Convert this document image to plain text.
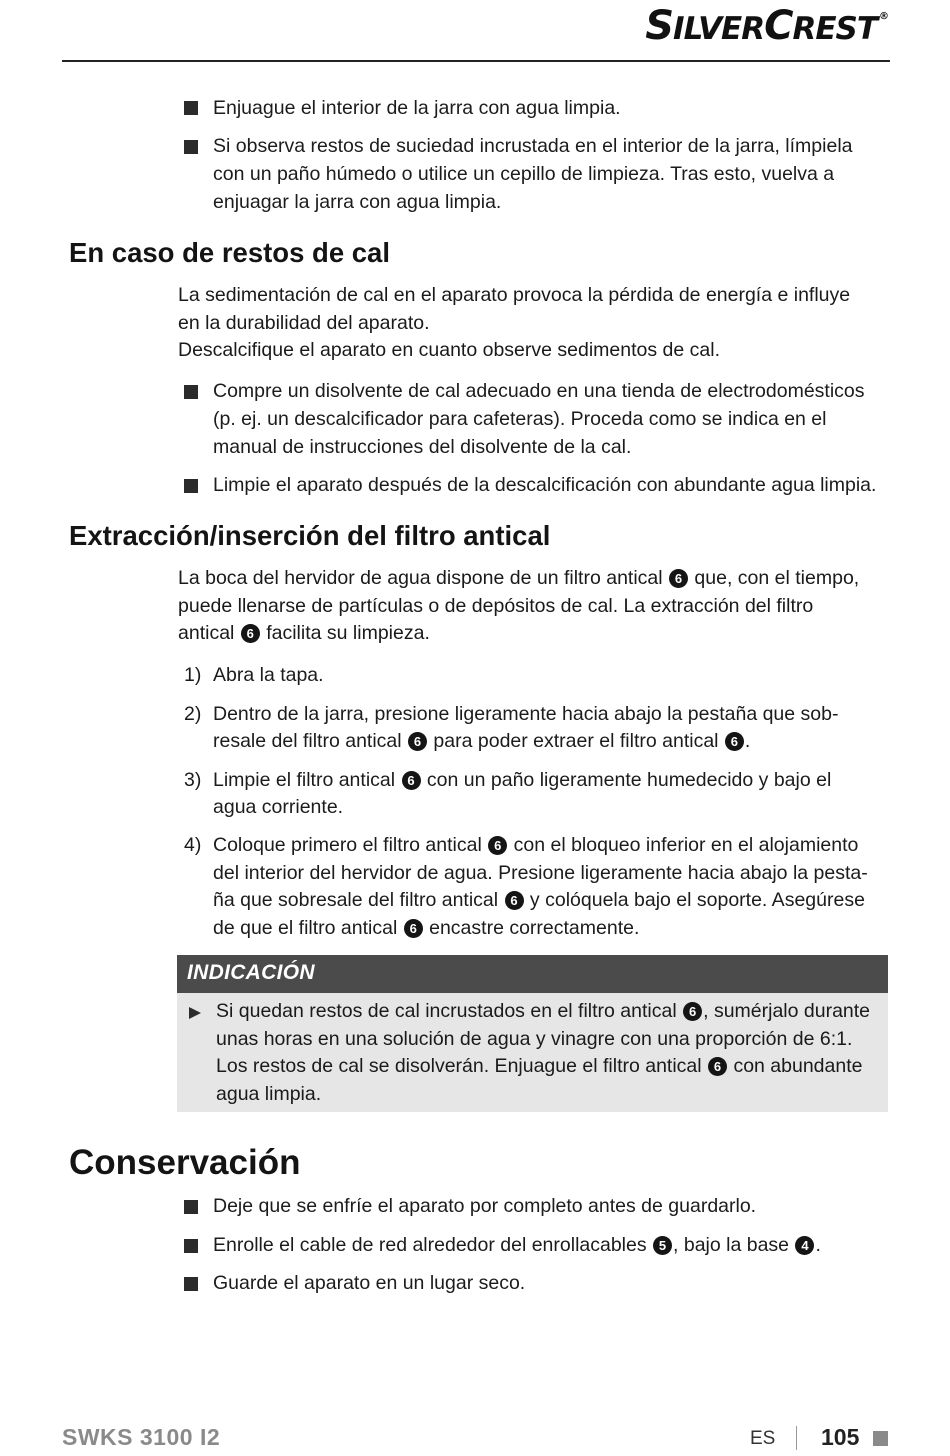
SILVERCREST ®
Enjuague el interior de la jarra con agua limpia.
Si observa restos de suciedad incrustada en el interior de la jarra, límpiela
con un paño húmedo o utilice un cepillo de limpieza. Tras esto, vuelva a
enjuagar la jarra con agua limpia.
En caso de restos de cal

La sedimentación de cal en el aparato provoca la pérdida de energía e influye

en la durabilidad del aparato.

Descalcifique el aparato en cuanto observe sedimentos de cal.

Compre un disolvente de cal adecuado en una tienda de electrodomésticos
(p. ej. un descalcificador para cafeteras). Proceda como se indica en el
manual de instrucciones del disolvente de la cal.
Limpie el aparato después de la descalcificación con abundante agua limpia.
Extracción/inserción del filtro antical

La boca del hervidor de agua dispone de un filtro antical 6 que, con el tiempo,

puede llenarse de partículas o de depósitos de cal. La extracción del filtro

antical 6 facilita su limpieza.

1) Abra la tapa.
2) Dentro de la jarra, presione ligeramente hacia abajo la pestaña que sob-
resale del filtro antical 6 para poder extraer el filtro antical 6 .
3) Limpie el filtro antical 6 con un paño ligeramente humedecido y bajo el
agua corriente.
4) Coloque primero el filtro antical 6 con el bloqueo inferior en el alojamiento
del interior del hervidor de agua. Presione ligeramente hacia abajo la pesta-
ña que sobresale del filtro antical 6 y colóquela bajo el soporte. Asegúrese
de que el filtro antical 6 encastre correctamente.
INDICACIÓN
Si quedan restos de cal incrustados en el filtro antical 6 , sumérjalo durante
unas horas en una solución de agua y vinagre con una proporción de 6:1.
Los restos de cal se disolverán. Enjuague el filtro antical 6 con abundante
agua limpia.
Conservación
Deje que se enfríe el aparato por completo antes de guardarlo.
Enrolle el cable de red alrededor del enrollacables 5 , bajo la base 4 .
Guarde el aparato en un lugar seco.
SWKS 3100 I2	ES 105
